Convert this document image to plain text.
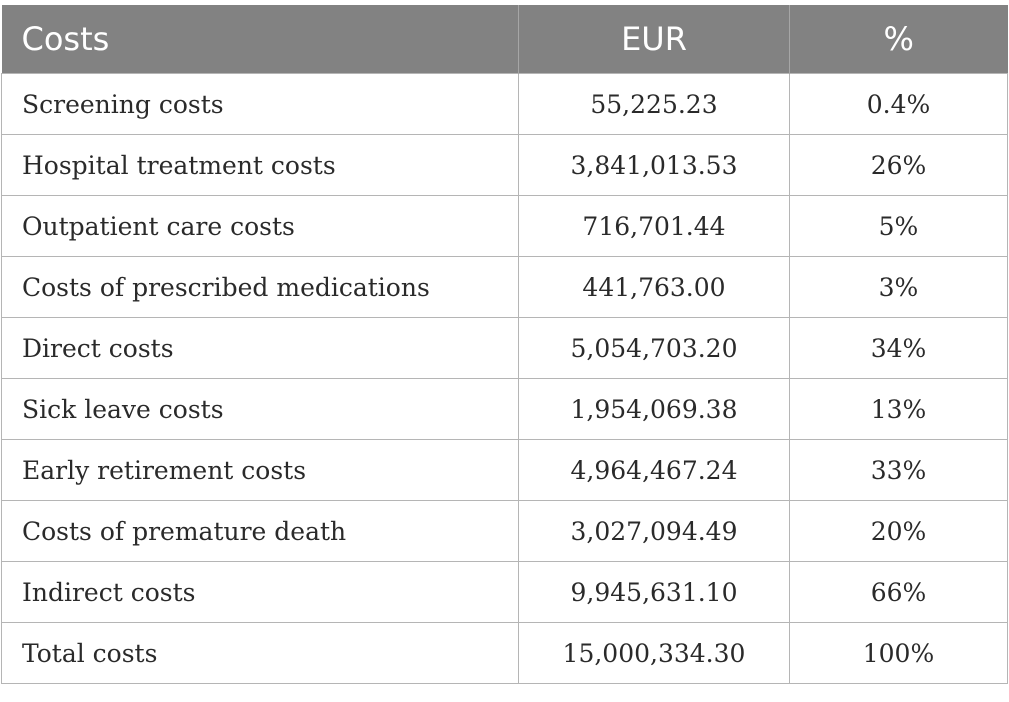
Costs	EUR	%
Screening costs	55,225.23	0.4%
Hospital treatment costs	3,841,013.53	26%
Outpatient care costs	716,701.44	5%
Costs of prescribed medications	441,763.00	3%
Direct costs	5,054,703.20	34%
Sick leave costs	1,954,069.38	13%
Early retirement costs	4,964,467.24	33%
Costs of premature death	3,027,094.49	20%
Indirect costs	9,945,631.10	66%
Total costs	15,000,334.30	100%
